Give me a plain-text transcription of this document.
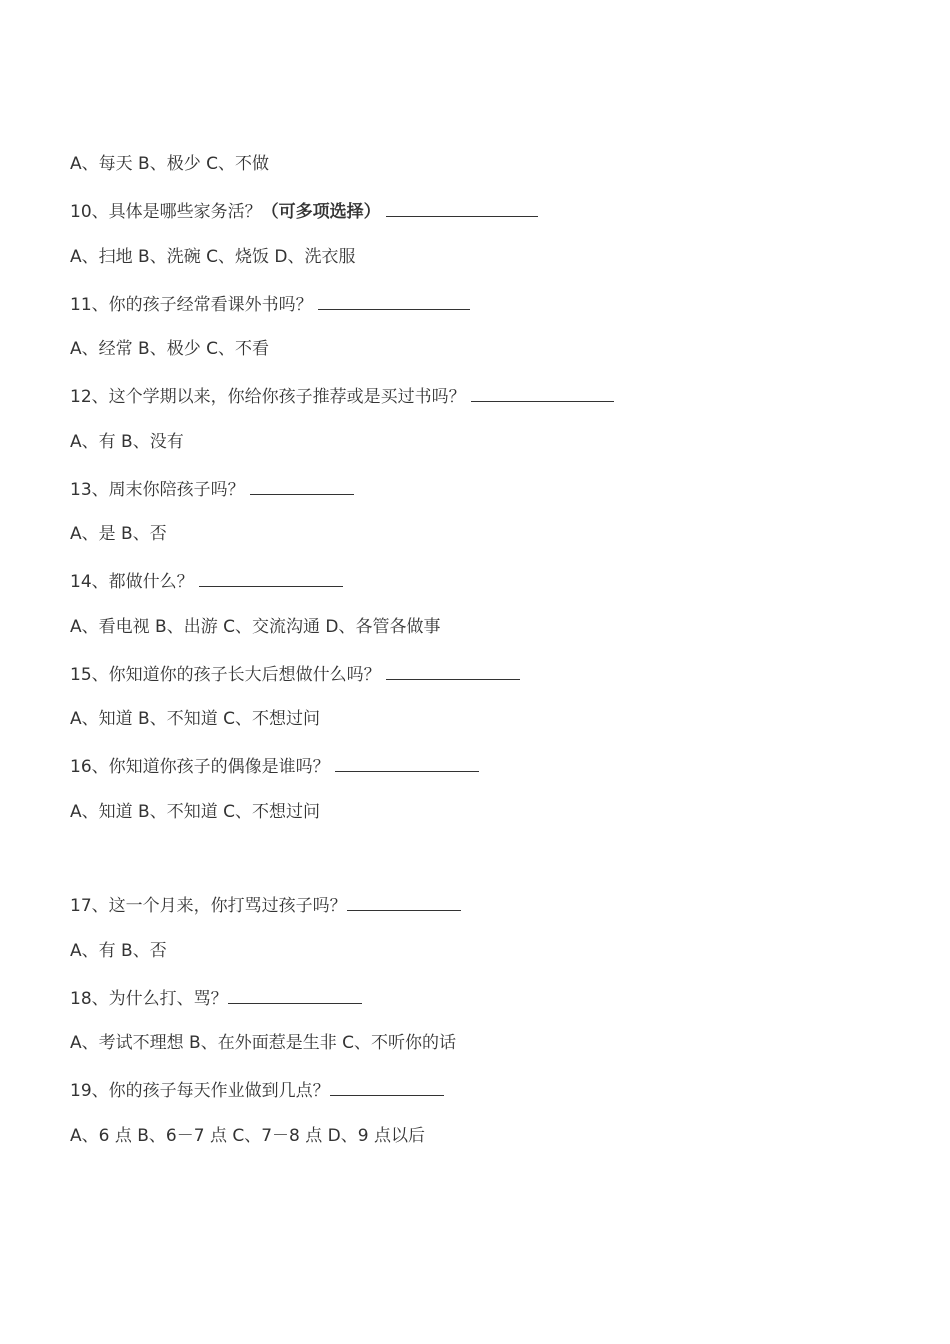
A、每天 B、极少 C、不做
10、具体是哪些家务活？（可多项选择）
A、扫地 B、洗碗 C、烧饭 D、洗衣服
11、你的孩子经常看课外书吗？
A、经常 B、极少 C、不看
12、这个学期以来，你给你孩子推荐或是买过书吗？
A、有 B、没有
13、周末你陪孩子吗？
A、是 B、否
14、都做什么？
A、看电视 B、出游 C、交流沟通 D、各管各做事
15、你知道你的孩子长大后想做什么吗？
A、知道 B、不知道 C、不想过问
16、你知道你孩子的偶像是谁吗？
A、知道 B、不知道 C、不想过问
17、这一个月来，你打骂过孩子吗？
A、有 B、否
18、为什么打、骂？
A、考试不理想 B、在外面惹是生非 C、不听你的话
19、你的孩子每天作业做到几点？
A、6 点 B、6－7 点 C、7－8 点 D、9 点以后
